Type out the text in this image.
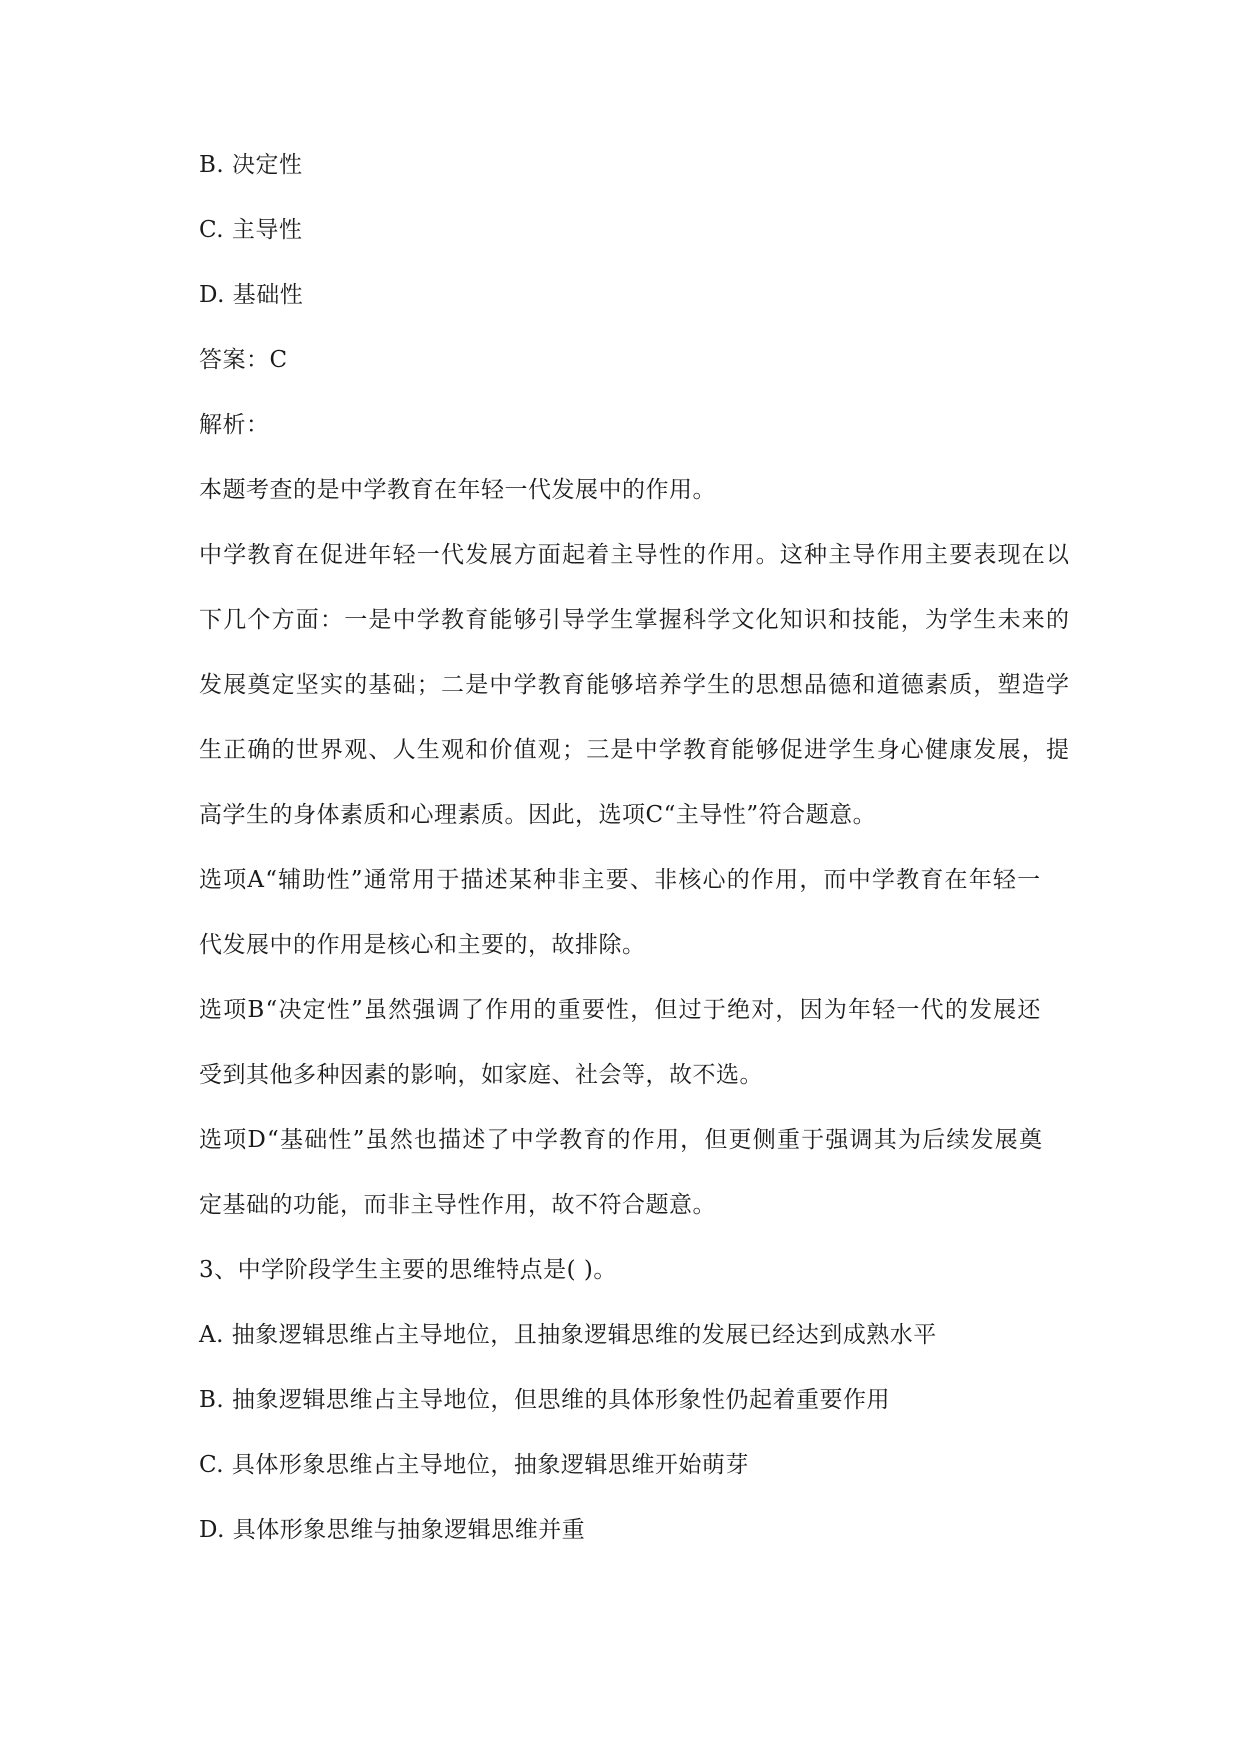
B. 决定性
C. 主导性
D. 基础性
答案：C
解析：
本题考查的是中学教育在年轻一代发展中的作用。
中学教育在促进年轻一代发展方面起着主导性的作用。这种主导作用主要表现在以
下几个方面：一是中学教育能够引导学生掌握科学文化知识和技能，为学生未来的
发展奠定坚实的基础；二是中学教育能够培养学生的思想品德和道德素质，塑造学
生正确的世界观、人生观和价值观；三是中学教育能够促进学生身心健康发展，提
高学生的身体素质和心理素质。因此，选项C“主导性”符合题意。
选项A“辅助性”通常用于描述某种非主要、非核心的作用，而中学教育在年轻一
代发展中的作用是核心和主要的，故排除。
选项B“决定性”虽然强调了作用的重要性，但过于绝对，因为年轻一代的发展还
受到其他多种因素的影响，如家庭、社会等，故不选。
选项D“基础性”虽然也描述了中学教育的作用，但更侧重于强调其为后续发展奠
定基础的功能，而非主导性作用，故不符合题意。
3、中学阶段学生主要的思维特点是( )。
A. 抽象逻辑思维占主导地位，且抽象逻辑思维的发展已经达到成熟水平
B. 抽象逻辑思维占主导地位，但思维的具体形象性仍起着重要作用
C. 具体形象思维占主导地位，抽象逻辑思维开始萌芽
D. 具体形象思维与抽象逻辑思维并重
